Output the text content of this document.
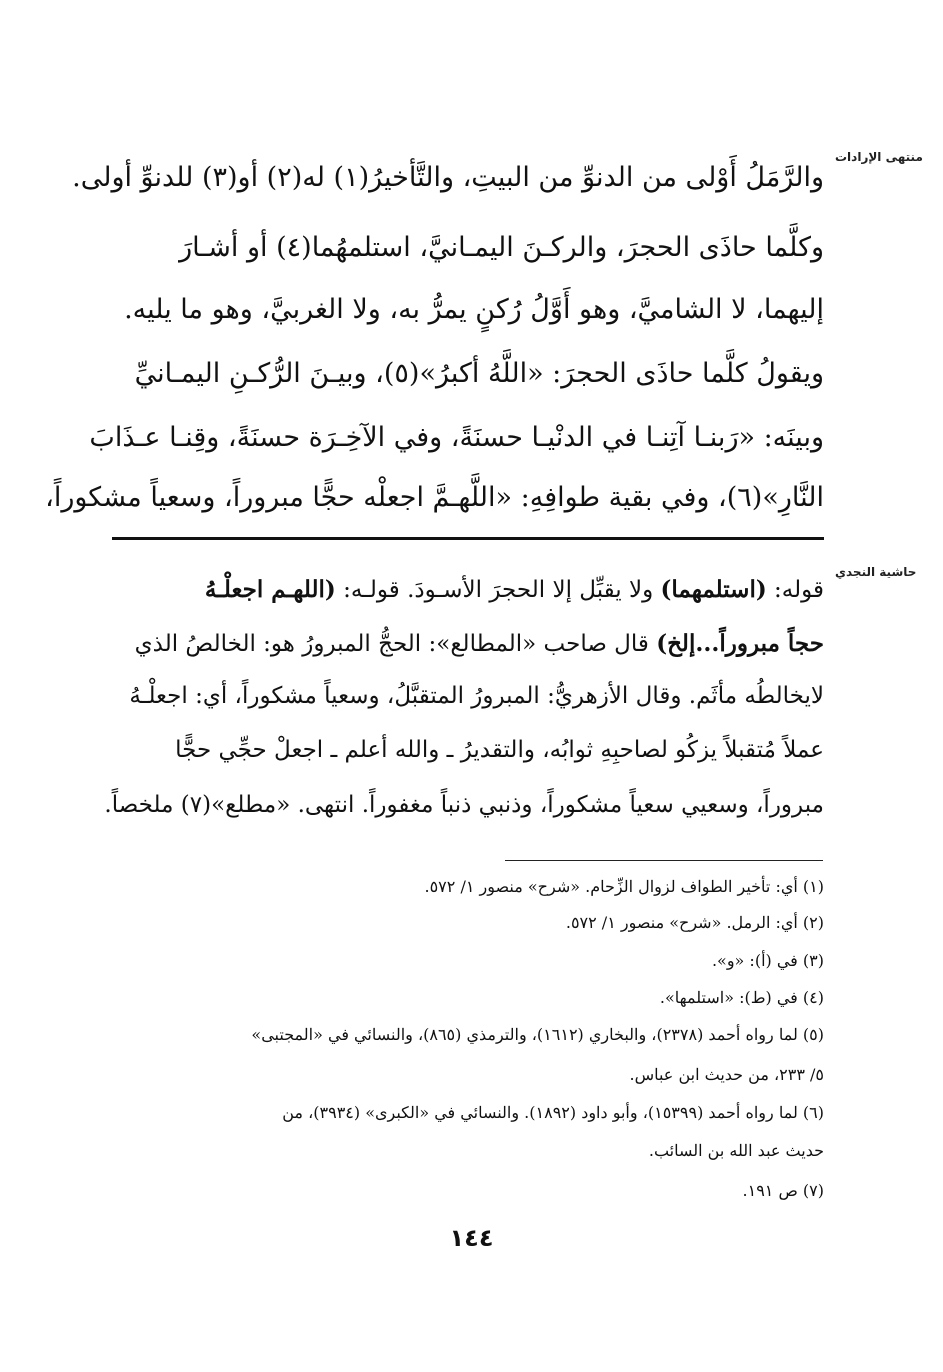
منتهى الإرادات
حاشية النجدي
والرَّمَلُ أَوْلى من الدنوِّ من البيتِ، والتَّأخيرُ(١) له(٢) أو(٣) للدنوِّ أولى.
وكلَّما حاذَى الحجرَ، والركـنَ اليمـانيَّ، استلمهُما(٤) أو أشـارَ
إليهما، لا الشاميَّ، وهو أَوَّلُ رُكنٍ يمرُّ به، ولا الغربيَّ، وهو ما يليه.
ويقولُ كلَّما حاذَى الحجرَ: «اللَّهُ أكبرُ»(٥)، وبيـنَ الرُّكـنِ اليمـانيِّ
وبينَه: «رَبنـا آتِنـا في الدنْيـا حسنَةً، وفي الآخِـرَة حسنَةً، وقِنـا عـذَابَ
النَّارِ»(٦)، وفي بقية طوافِهِ: «اللَّهـمَّ اجعلْه حجًّا مبروراً، وسعياً مشكوراً،
قوله: (استلمهما) ولا يقبِّل إلا الحجرَ الأسـودَ. قولـه: (اللهـم اجعلْـهُ
حجاً مبروراً...إلخ) قال صاحب «المطالع»: الحجُّ المبرورُ هو: الخالصُ الذي
لايخالطُه مأثَم. وقال الأزهريُّ: المبرورُ المتقبَّلُ، وسعياً مشكوراً، أي: اجعلْـهُ
عملاً مُتقبلاً يزكُو لصاحبِهِ ثوابُه، والتقديرُ ـ والله أعلم ـ اجعلْ حجِّي حجًّا
مبروراً، وسعيي سعياً مشكوراً، وذنبي ذنباً مغفوراً. انتهى. «مطلع»(٧) ملخصاً.
(١) أي: تأخير الطواف لزوال الزِّحام. «شرح» منصور ١/ ٥٧٢.
(٢) أي: الرمل. «شرح» منصور ١/ ٥٧٢.
(٣) في (أ): «و».
(٤) في (ط): «استلمها».
(٥) لما رواه أحمد (٢٣٧٨)، والبخاري (١٦١٢)، والترمذي (٨٦٥)، والنسائي في «المجتبى»
٥/ ٢٣٣، من حديث ابن عباس.
(٦) لما رواه أحمد (١٥٣٩٩)، وأبو داود (١٨٩٢). والنسائي في «الكبرى» (٣٩٣٤)، من
حديث عبد الله بن السائب.
(٧) ص ١٩١.
١٤٤
